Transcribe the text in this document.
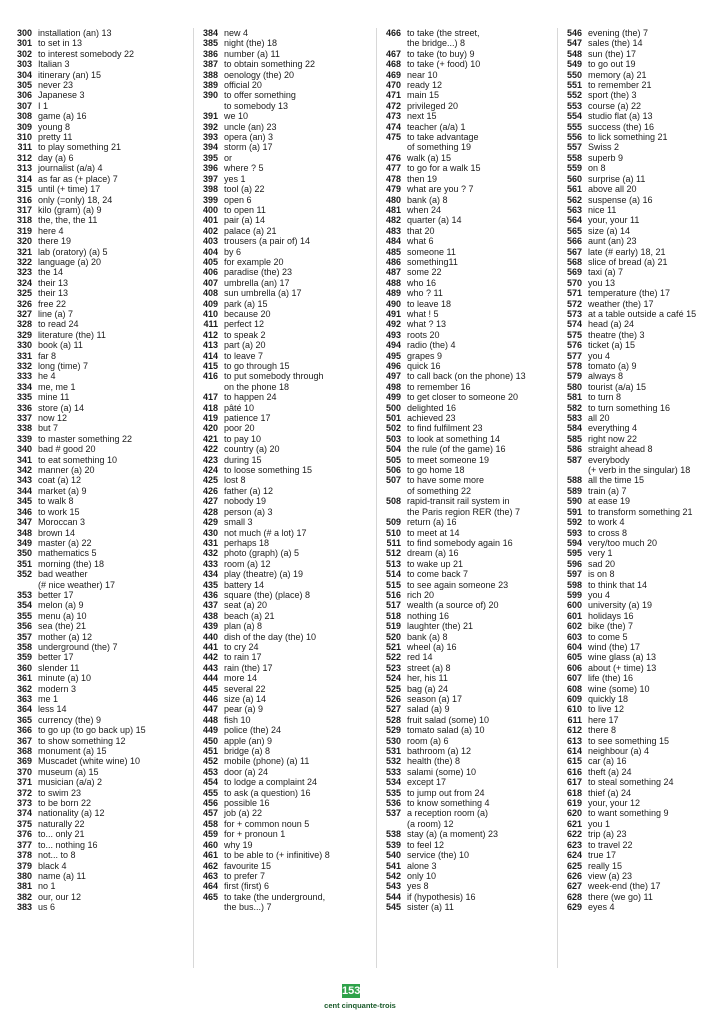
300 installation (an) 13
301 to set in 13
302 to interest somebody 22
303 Italian 3
304 itinerary (an) 15
305 never 23
306 Japanese 3
307 I 1
308 game (a) 16
309 young 8
310 pretty 11
311 to play something 21
312 day (a) 6
313 journalist (a/a) 4
314 as far as (+ place) 7
315 until (+ time) 17
316 only (=only) 18, 24
317 kilo (gram) (a) 9
318 the, the, the 11
319 here 4
320 there 19
321 lab (oratory) (a) 5
322 language (a) 20
323 the 14
324 their 13
325 their 13
326 free 22
327 line (a) 7
328 to read 24
329 literature (the) 11
330 book (a) 11
331 far 8
332 long (time) 7
333 he 4
334 me, me 1
335 mine 11
336 store (a) 14
337 now 12
338 but 7
339 to master something 22
340 bad # good 20
341 to eat something 10
342 manner (a) 20
343 coat (a) 12
344 market (a) 9
345 to walk 8
346 to work 15
347 Moroccan 3
348 brown 14
349 master (a) 22
350 mathematics 5
351 morning (the) 18
352 bad weather
(# nice weather) 17
353 better 17
354 melon (a) 9
355 menu (a) 10
356 sea (the) 21
357 mother (a) 12
358 underground (the) 7
359 better 17
360 slender 11
361 minute (a) 10
362 modern 3
363 me 1
364 less 14
365 currency (the) 9
366 to go up (to go back up) 15
367 to show something 12
368 monument (a) 15
369 Muscadet (white wine) 10
370 museum (a) 15
371 musician (a/a) 2
372 to swim 23
373 to be born 22
374 nationality (a) 12
375 naturally 22
376 to... only 21
377 to... nothing 16
378 not... to 8
379 black 4
380 name (a) 11
381 no 1
382 our, our 12
383 us 6
384 new 4
385 night (the) 18
386 number (a) 11
387 to obtain something 22
388 oenology (the) 20
389 official 20
390 to offer something
to somebody 13
391 we 10
392 uncle (an) 23
393 opera (an) 3
394 storm (a) 17
395 or
396 where ? 5
397 yes 1
398 tool (a) 22
399 open 6
400 to open 11
401 pair (a) 14
402 palace (a) 21
403 trousers (a pair of) 14
404 by 6
405 for example 20
406 paradise (the) 23
407 umbrella (an) 17
408 sun umbrella (a) 17
409 park (a) 15
410 because 20
411 perfect 12
412 to speak 2
413 part (a) 20
414 to leave 7
415 to go through 15
416 to put somebody through
on the phone 18
417 to happen 24
418 pâté 10
419 patience 17
420 poor 20
421 to pay 10
422 country (a) 20
423 during 15
424 to loose something 15
425 lost 8
426 father (a) 12
427 nobody 19
428 person (a) 3
429 small 3
430 not much (# a lot) 17
431 perhaps 18
432 photo (graph) (a) 5
433 room (a) 12
434 play (theatre) (a) 19
435 battery 14
436 square (the) (place) 8
437 seat (a) 20
438 beach (a) 21
439 plan (a) 8
440 dish of the day (the) 10
441 to cry 24
442 to rain 17
443 rain (the) 17
444 more 14
445 several 22
446 size (a) 14
447 pear (a) 9
448 fish 10
449 police (the) 24
450 apple (an) 9
451 bridge (a) 8
452 mobile (phone) (a) 11
453 door (a) 24
454 to lodge a complaint 24
455 to ask (a question) 16
456 possible 16
457 job (a) 22
458 for + common noun 5
459 for + pronoun 1
460 why 19
461 to be able to (+ infinitive) 8
462 favourite 15
463 to prefer 7
464 first (first) 6
465 to take (the underground,
the bus...) 7
466 to take (the street,
the bridge...) 8
467 to take (to buy) 9
468 to take (+ food) 10
469 near 10
470 ready 12
471 main 15
472 privileged 20
473 next 15
474 teacher (a/a) 1
475 to take advantage
of something 19
476 walk (a) 15
477 to go for a walk 15
478 then 19
479 what are you ? 7
480 bank (a) 8
481 when 24
482 quarter (a) 14
483 that 20
484 what 6
485 someone 11
486 something11
487 some 22
488 who 16
489 who ? 11
490 to leave 18
491 what ! 5
492 what ? 13
493 roots 20
494 radio (the) 4
495 grapes 9
496 quick 16
497 to call back (on the phone) 13
498 to remember 16
499 to get closer to someone 20
500 delighted 16
501 achieved 23
502 to find fulfilment 23
503 to look at something 14
504 the rule (of the game) 16
505 to meet someone 19
506 to go home 18
507 to have some more
of something 22
508 rapid-transit rail system in
the Paris region RER (the) 7
509 return (a) 16
510 to meet at 14
511 to find somebody again 16
512 dream (a) 16
513 to wake up 21
514 to come back 7
515 to see again someone 23
516 rich 20
517 wealth (a source of) 20
518 nothing 16
519 laughter (the) 21
520 bank (a) 8
521 wheel (a) 16
522 red 14
523 street (a) 8
524 her, his 11
525 bag (a) 24
526 season (a) 17
527 salad (a) 9
528 fruit salad (some) 10
529 tomato salad (a) 10
530 room (a) 6
531 bathroom (a) 12
532 health (the) 8
533 salami (some) 10
534 except 17
535 to jump out from 24
536 to know something 4
537 a reception room (a)
(a room) 12
538 stay (a) (a moment) 23
539 to feel 12
540 service (the) 10
541 alone 3
542 only 10
543 yes 8
544 if (hypothesis) 16
545 sister (a) 11
546 evening (the) 7
547 sales (the) 14
548 sun (the) 17
549 to go out 19
550 memory (a) 21
551 to remember 21
552 sport (the) 3
553 course (a) 22
554 studio flat (a) 13
555 success (the) 16
556 to lick something 21
557 Swiss 2
558 superb 9
559 on 8
560 surprise (a) 11
561 above all 20
562 suspense (a) 16
563 nice 11
564 your, your 11
565 size (a) 14
566 aunt (an) 23
567 late (# early) 18, 21
568 slice of bread (a) 21
569 taxi (a) 7
570 you 13
571 temperature (the) 17
572 weather (the) 17
573 at a table outside a café 15
574 head (a) 24
575 theatre (the) 3
576 ticket (a) 15
577 you 4
578 tomato (a) 9
579 always 8
580 tourist (a/a) 15
581 to turn 8
582 to turn something 16
583 all 20
584 everything 4
585 right now 22
586 straight ahead 8
587 everybody
(+ verb in the singular) 18
588 all the time 15
589 train (a) 7
590 at ease 19
591 to transform something 21
592 to work 4
593 to cross 8
594 very/too much 20
595 very 1
596 sad 20
597 is on 8
598 to think that 14
599 you 4
600 university (a) 19
601 holidays 16
602 bike (the) 7
603 to come 5
604 wind (the) 17
605 wine glass (a) 13
606 about (+ time) 13
607 life (the) 16
608 wine (some) 10
609 quickly 18
610 to live 12
611 here 17
612 there 8
613 to see something 15
614 neighbour (a) 4
615 car (a) 16
616 theft (a) 24
617 to steal something 24
618 thief (a) 24
619 your, your 12
620 to want something 9
621 you 1
622 trip (a) 23
623 to travel 22
624 true 17
625 really 15
626 view (a) 23
627 week-end (the) 17
628 there (we go) 11
629 eyes 4
153
cent cinquante-trois
